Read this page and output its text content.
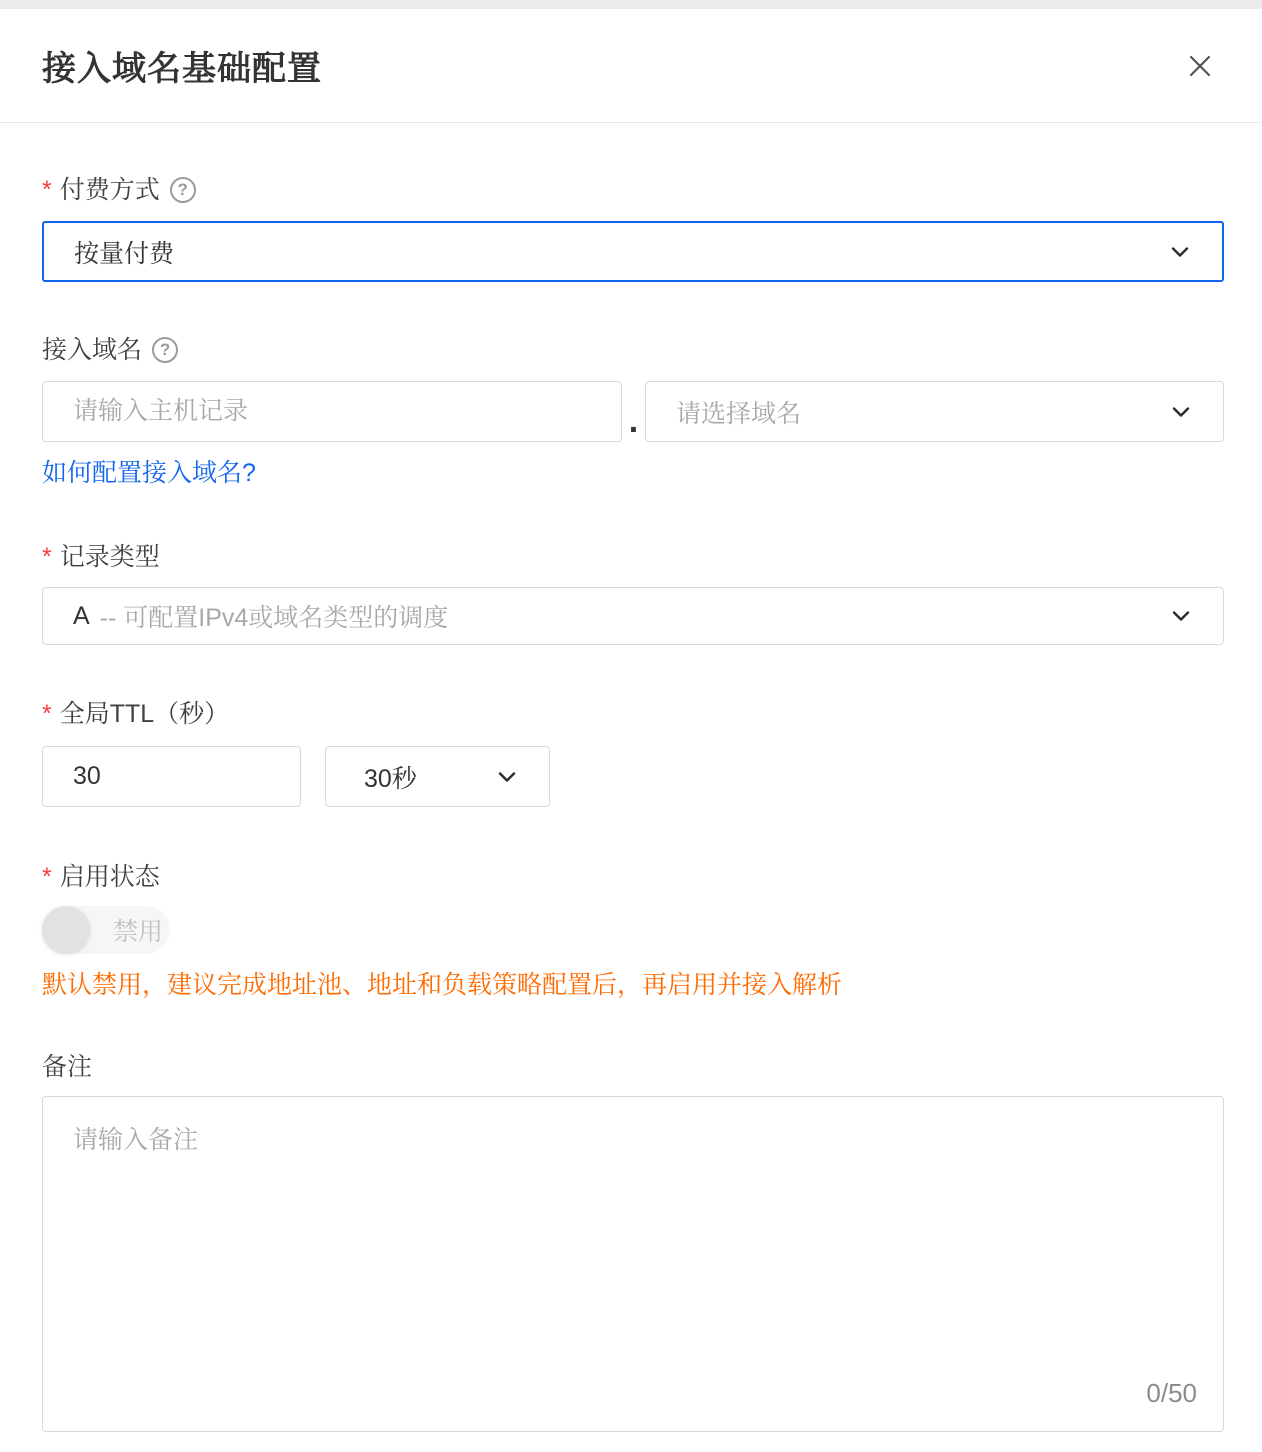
接入域名基础配置
* 付费方式	?
按量付费
接入域名	?
请输入主机记录
. 请选择域名
如何配置接入域名?
* 记录类型
A -- 可配置IPv4或域名类型的调度
* 全局TTL（秒）
30
30秒
* 启用状态
禁用
默认禁用，建议完成地址池、地址和负载策略配置后，再启用并接入解析
备注
请输入备注
0/50
